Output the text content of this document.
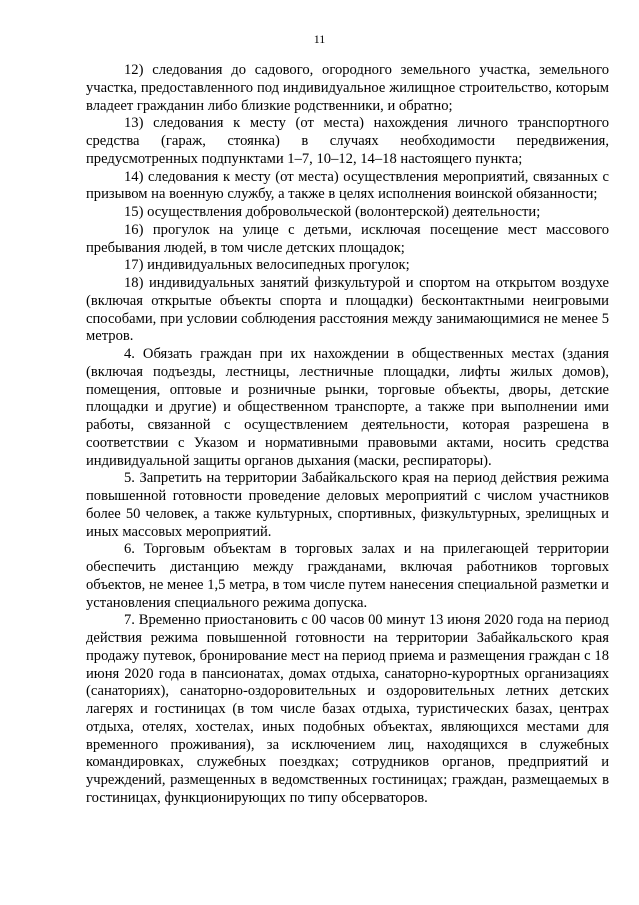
11

12) следования до садового, огородного земельного участка, земельного участка, предоставленного под индивидуальное жилищное строительство, которым владеет гражданин либо близкие родственники, и обратно;

13) следования к месту (от места) нахождения личного транспортного средства (гараж, стоянка) в случаях необходимости передвижения, предусмотренных подпунктами 1–7, 10–12, 14–18 настоящего пункта;

14) следования к месту (от места) осуществления мероприятий, связанных с призывом на военную службу, а также в целях исполнения воинской обязанности;

15) осуществления добровольческой (волонтерской) деятельности;

16) прогулок на улице с детьми, исключая посещение мест массового пребывания людей, в том числе детских площадок;

17) индивидуальных велосипедных прогулок;

18) индивидуальных занятий физкультурой и спортом на открытом воздухе (включая открытые объекты спорта и площадки) бесконтактными неигровыми способами, при условии соблюдения расстояния между занимающимися не менее 5 метров.

4. Обязать граждан при их нахождении в общественных местах (здания (включая подъезды, лестницы, лестничные площадки, лифты жилых домов), помещения, оптовые и розничные рынки, торговые объекты, дворы, детские площадки и другие) и общественном транспорте, а также при выполнении ими работы, связанной с осуществлением деятельности, которая разрешена в соответствии с Указом и нормативными правовыми актами, носить средства индивидуальной защиты органов дыхания (маски, респираторы).

5. Запретить на территории Забайкальского края на период действия режима повышенной готовности проведение деловых мероприятий с числом участников более 50 человек, а также культурных, спортивных, физкультурных, зрелищных и иных массовых мероприятий.

6. Торговым объектам в торговых залах и на прилегающей территории обеспечить дистанцию между гражданами, включая работников торговых объектов, не менее 1,5 метра, в том числе путем нанесения специальной разметки и установления специального режима допуска.

7. Временно приостановить с 00 часов 00 минут 13 июня 2020 года на период действия режима повышенной готовности на территории Забайкальского края продажу путевок, бронирование мест на период приема и размещения граждан с 18 июня 2020 года в пансионатах, домах отдыха, санаторно-курортных организациях (санаториях), санаторно-оздоровительных и оздоровительных летних детских лагерях и гостиницах (в том числе базах отдыха, туристических базах, центрах отдыха, отелях, хостелах, иных подобных объектах, являющихся местами для временного проживания), за исключением лиц, находящихся в служебных командировках, служебных поездках; сотрудников органов, предприятий и учреждений, размещенных в ведомственных гостиницах; граждан, размещаемых в гостиницах, функционирующих по типу обсерваторов.
